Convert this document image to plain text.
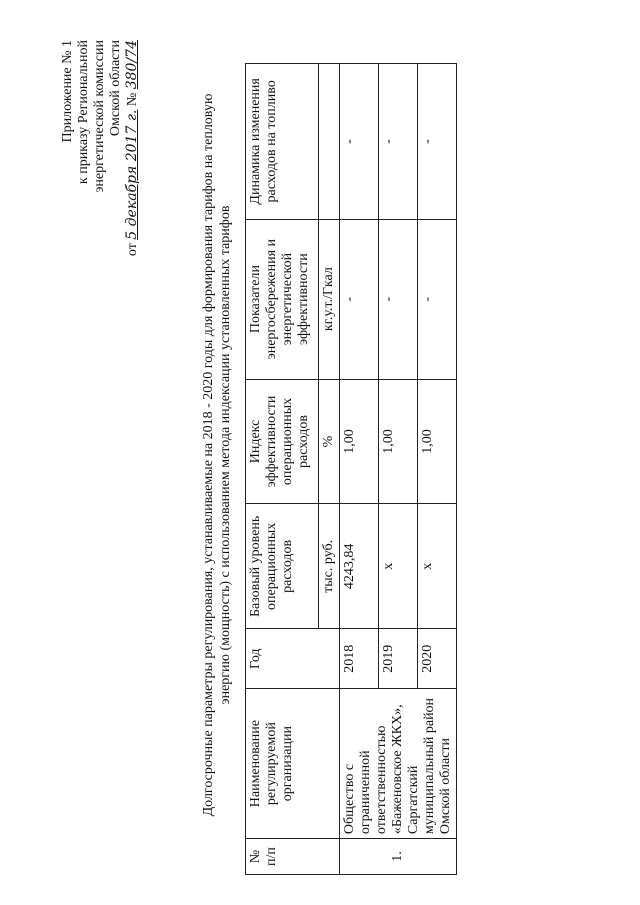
Приложение № 1 к приказу Региональной энергетической комиссии Омской области
от 5 декабря 2017 г. № 380/74
Долгосрочные параметры регулирования, устанавливаемые на 2018 - 2020 годы для формирования тарифов на тепловую энергию (мощность) с использованием метода индексации установленных тарифов
№ п/п	Наименование регулируемой организации	Год	Базовый уровень операционных расходов	Индекс эффективности операционных расходов	Показатели энергосбережения и энергетической эффективности	Динамика изменения расходов на топливо
			тыс. руб.	%	кг.у.т./Гкал	
1.	Общество с ограниченной ответственностью «Баженовское ЖКХ», Саргатский муниципальный район Омской области	2018	4243,84	1,00	-	-
		2019	x	1,00	-	-
		2020	x	1,00	-	-
